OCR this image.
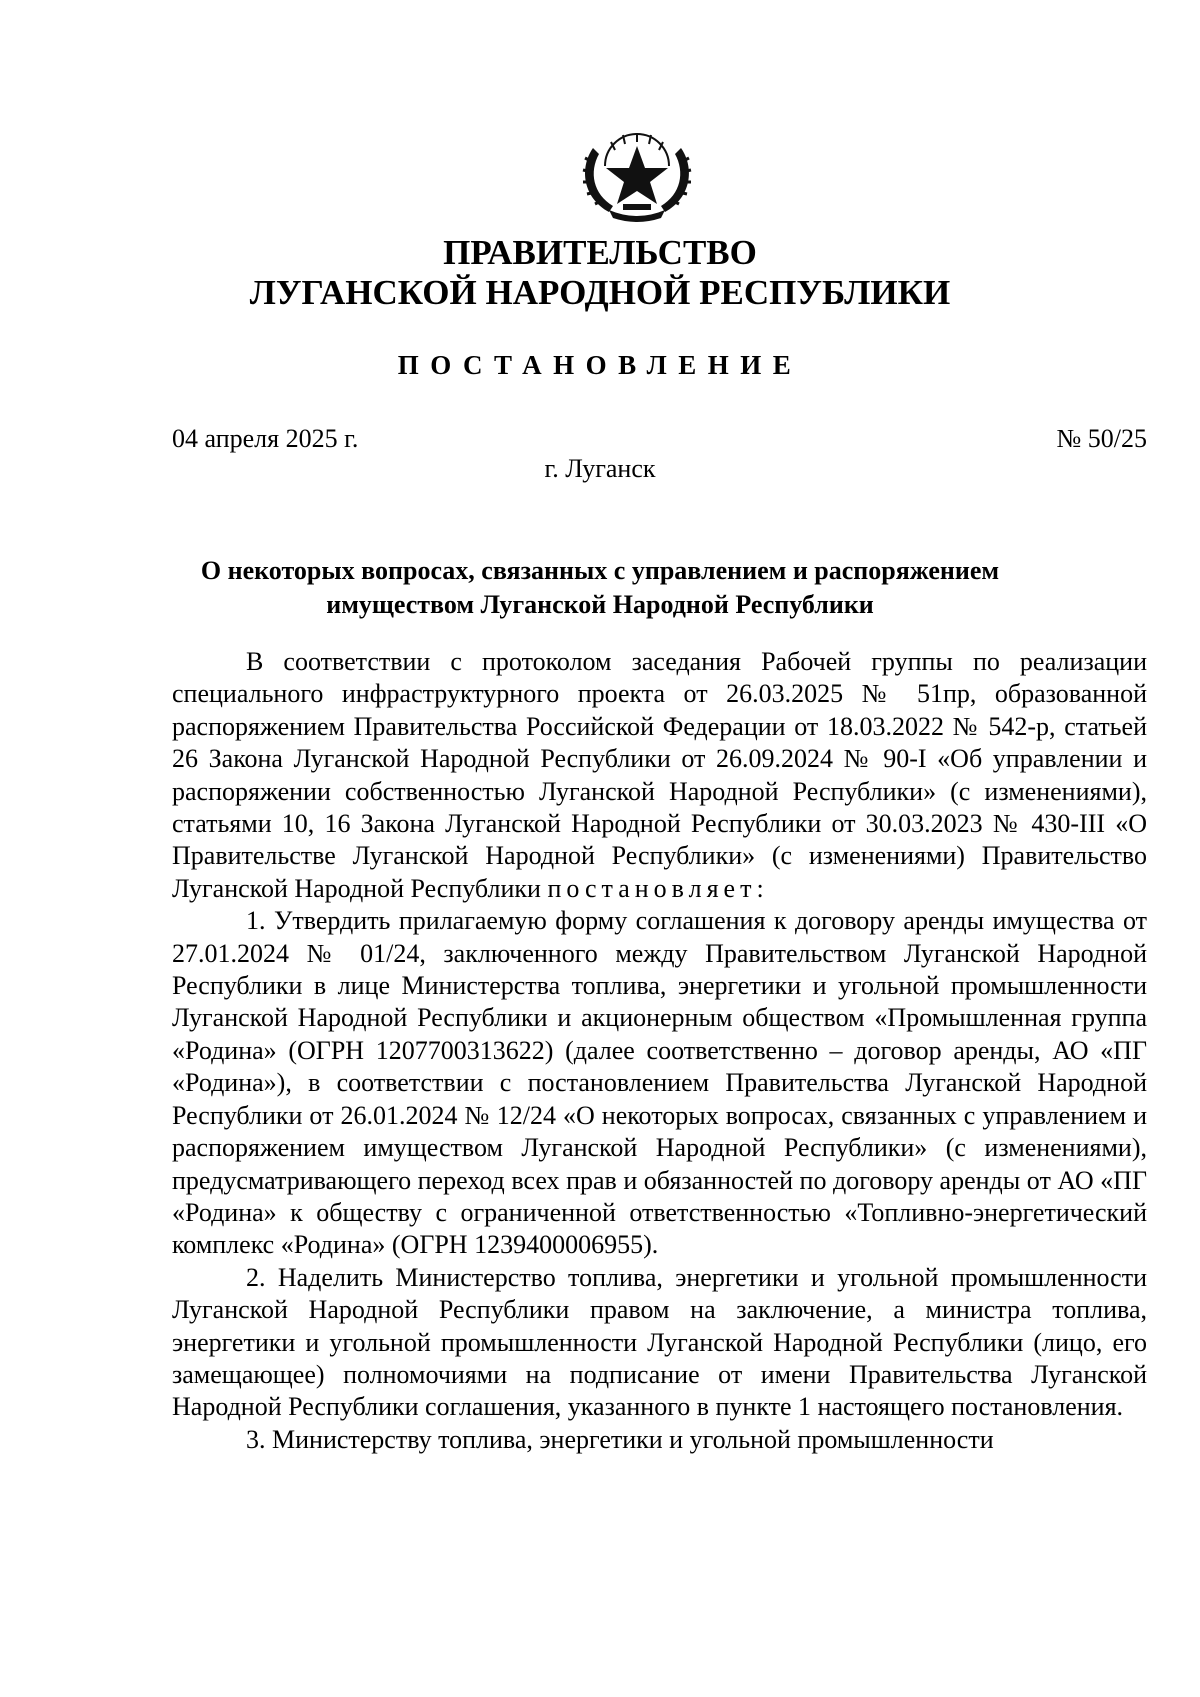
ПРАВИТЕЛЬСТВО
ЛУГАНСКОЙ НАРОДНОЙ РЕСПУБЛИКИ
ПОСТАНОВЛЕНИЕ
04 апреля 2025 г.	№ 50/25
г. Луганск
О некоторых вопросах, связанных с управлением и распоряжением
имуществом Луганской Народной Республики

В соответствии с протоколом заседания Рабочей группы по реализации специального инфраструктурного проекта от 26.03.2025 № 51пр, образованной распоряжением Правительства Российской Федерации от 18.03.2022 № 542-р, статьей 26 Закона Луганской Народной Республики от 26.09.2024 № 90-I «Об управлении и распоряжении собственностью Луганской Народной Республики» (с изменениями), статьями 10, 16 Закона Луганской Народной Республики от 30.03.2023 № 430-III «О Правительстве Луганской Народной Республики» (с изменениями) Правительство Луганской Народной Республики постановляет:

1. Утвердить прилагаемую форму соглашения к договору аренды имущества от 27.01.2024 № 01/24, заключенного между Правительством Луганской Народной Республики в лице Министерства топлива, энергетики и угольной промышленности Луганской Народной Республики и акционерным обществом «Промышленная группа «Родина» (ОГРН 1207700313622) (далее соответственно – договор аренды, АО «ПГ «Родина»), в соответствии с постановлением Правительства Луганской Народной Республики от 26.01.2024 № 12/24 «О некоторых вопросах, связанных с управлением и распоряжением имуществом Луганской Народной Республики» (с изменениями), предусматривающего переход всех прав и обязанностей по договору аренды от АО «ПГ «Родина» к обществу с ограниченной ответственностью «Топливно-энергетический комплекс «Родина» (ОГРН 1239400006955).

2. Наделить Министерство топлива, энергетики и угольной промышленности Луганской Народной Республики правом на заключение, а министра топлива, энергетики и угольной промышленности Луганской Народной Республики (лицо, его замещающее) полномочиями на подписание от имени Правительства Луганской Народной Республики соглашения, указанного в пункте 1 настоящего постановления.

3. Министерству топлива, энергетики и угольной промышленности
